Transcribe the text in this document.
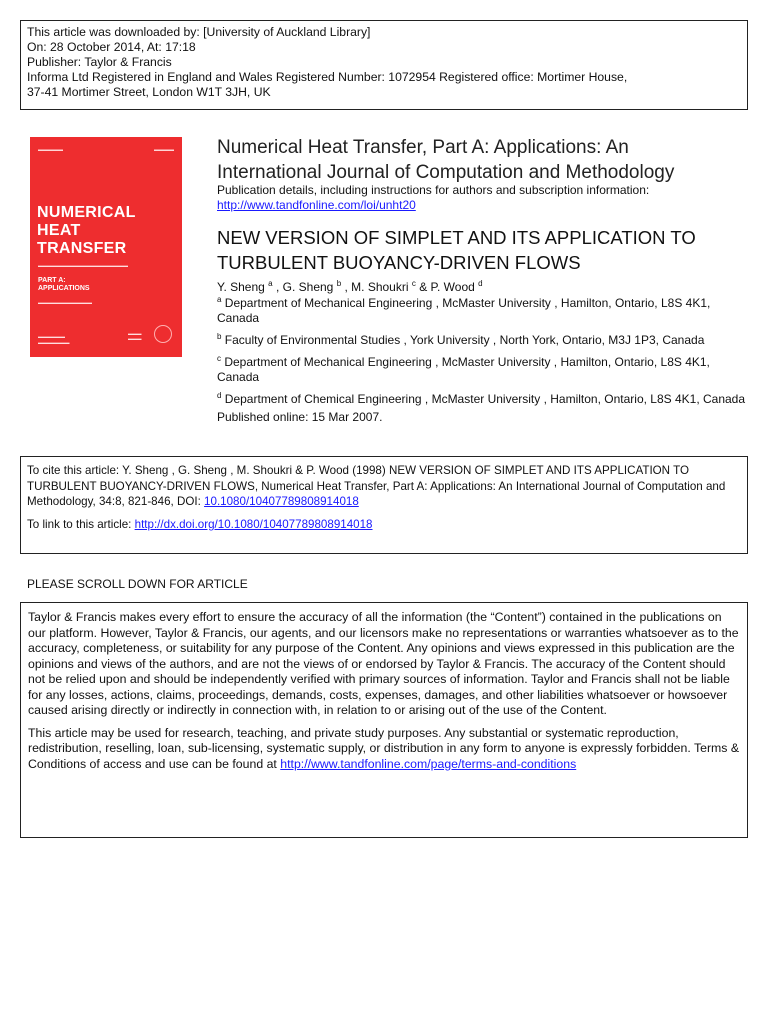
This article was downloaded by: [University of Auckland Library]
On: 28 October 2014, At: 17:18
Publisher: Taylor & Francis
Informa Ltd Registered in England and Wales Registered Number: 1072954 Registered office: Mortimer House,
37-41 Mortimer Street, London W1T 3JH, UK
▬▬▬▬▬	▬▬▬▬
NUMERICAL
HEAT
TRANSFER
▬▬▬▬▬▬▬▬▬▬▬▬▬▬▬▬▬▬▬▬
PART A:
APPLICATIONS
▬▬▬▬▬▬▬▬▬▬▬▬
▬▬▬▬▬▬
▬▬▬▬▬▬▬
▬▬▬
▬▬▬
Numerical Heat Transfer, Part A: Applications: An
International Journal of Computation and Methodology
Publication details, including instructions for authors and subscription information:
http://www.tandfonline.com/loi/unht20
NEW VERSION OF SIMPLET AND ITS APPLICATION TO
TURBULENT BUOYANCY-DRIVEN FLOWS
Y. Sheng $^a$ , G. Sheng $^b$ , M. Shoukri $^c$ & P. Wood $^d$
$^a$ Department of Mechanical Engineering , McMaster University , Hamilton, Ontario, L8S 4K1, Canada
$^b$ Faculty of Environmental Studies , York University , North York, Ontario, M3J 1P3, Canada
$^c$ Department of Mechanical Engineering , McMaster University , Hamilton, Ontario, L8S 4K1, Canada
$^d$ Department of Chemical Engineering , McMaster University , Hamilton, Ontario, L8S 4K1, Canada
Published online: 15 Mar 2007.
To cite this article: Y. Sheng , G. Sheng , M. Shoukri & P. Wood (1998) NEW VERSION OF SIMPLET AND ITS APPLICATION TO TURBULENT BUOYANCY-DRIVEN FLOWS, Numerical Heat Transfer, Part A: Applications: An International Journal of Computation and Methodology, 34:8, 821-846, DOI: 10.1080/10407789808914018
To link to this article: http://dx.doi.org/10.1080/10407789808914018
PLEASE SCROLL DOWN FOR ARTICLE

Taylor & Francis makes every effort to ensure the accuracy of all the information (the “Content”) contained in the publications on our platform. However, Taylor & Francis, our agents, and our licensors make no representations or warranties whatsoever as to the accuracy, completeness, or suitability for any purpose of the Content. Any opinions and views expressed in this publication are the opinions and views of the authors, and are not the views of or endorsed by Taylor & Francis. The accuracy of the Content should not be relied upon and should be independently verified with primary sources of information. Taylor and Francis shall not be liable for any losses, actions, claims, proceedings, demands, costs, expenses, damages, and other liabilities whatsoever or howsoever caused arising directly or indirectly in connection with, in relation to or arising out of the use of the Content.

This article may be used for research, teaching, and private study purposes. Any substantial or systematic reproduction, redistribution, reselling, loan, sub-licensing, systematic supply, or distribution in any form to anyone is expressly forbidden. Terms & Conditions of access and use can be found at http://www.tandfonline.com/page/terms-and-conditions
